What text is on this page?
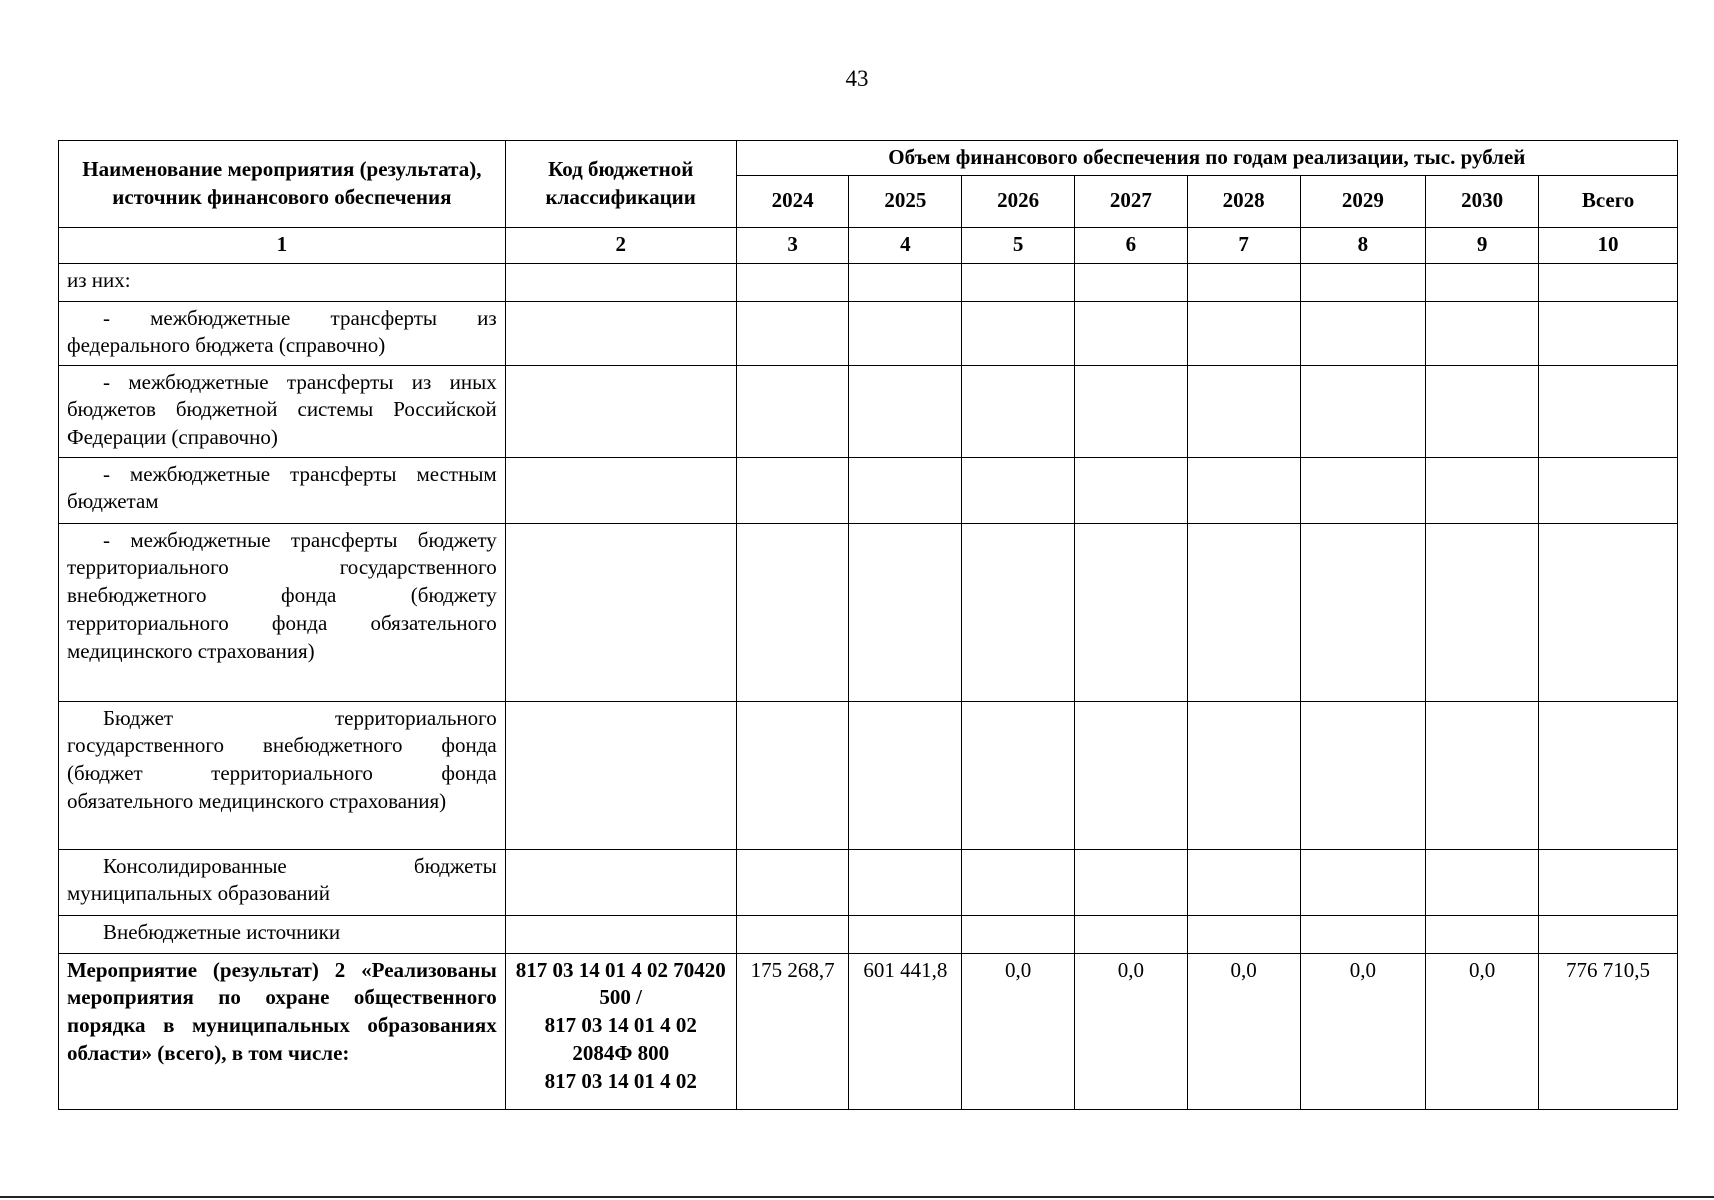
43
Наименование мероприятия (результата), источник финансового обеспечения	Код бюджетной классификации	Объем финансового обеспечения по годам реализации, тыс. рублей							
		2024	2025	2026	2027	2028	2029	2030	Всего
1	2	3	4	5	6	7	8	9	10
из них:									
- межбюджетные трансферты из федерального бюджета (справочно)									
- межбюджетные трансферты из иных бюджетов бюджетной системы Российской Федерации (справочно)									
- межбюджетные трансферты местным бюджетам									
- межбюджетные трансферты бюджету территориального государственного внебюджетного фонда (бюджету территориального фонда обязательного медицинского страхования)									
Бюджет территориального государственного внебюджетного фонда (бюджет территориального фонда обязательного медицинского страхования)									
Консолидированные бюджеты муниципальных образований									
Внебюджетные источники									
Мероприятие (результат) 2 «Реализованы мероприятия по охране общественного порядка в муниципальных образованиях области» (всего), в том числе:	817 03 14 01 4 02 70420 500 /
817 03 14 01 4 02 2084Ф 800
817 03 14 01 4 02	175 268,7	601 441,8	0,0	0,0	0,0	0,0	0,0	776 710,5
